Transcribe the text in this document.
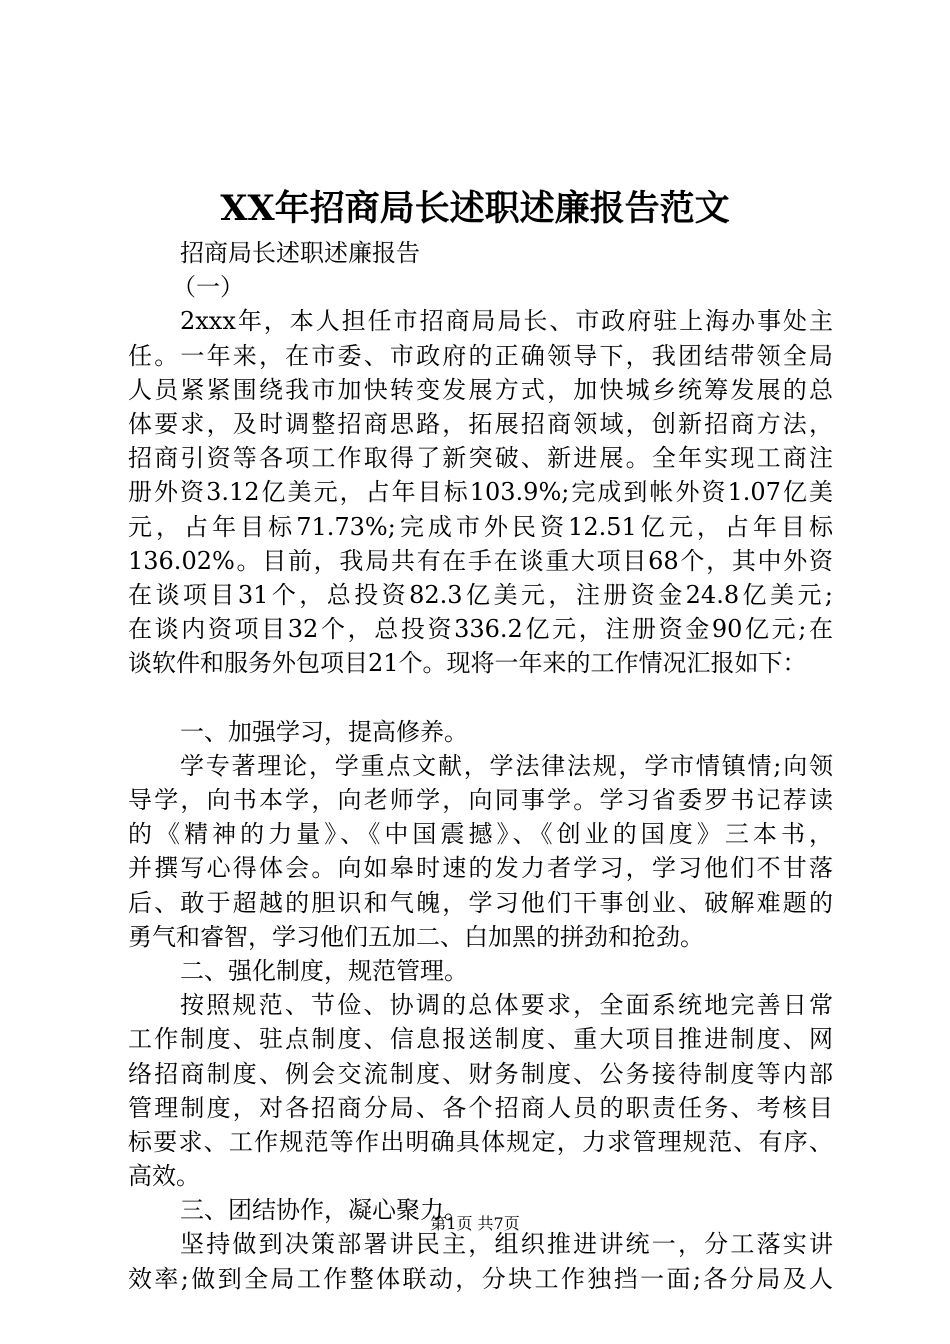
XX年招商局长述职述廉报告范文
招商局长述职述廉报告
（一）
2xxx年，本人担任市招商局局长、市政府驻上海办事处主
任。一年来，在市委、市政府的正确领导下，我团结带领全局
人员紧紧围绕我市加快转变发展方式，加快城乡统筹发展的总
体要求，及时调整招商思路，拓展招商领域，创新招商方法，
招商引资等各项工作取得了新突破、新进展。全年实现工商注
册外资3.12亿美元，占年目标103.9%;完成到帐外资1.07亿美
元，占年目标71.73%;完成市外民资12.51亿元，占年目标
136.02%。目前，我局共有在手在谈重大项目68个，其中外资
在谈项目31个，总投资82.3亿美元，注册资金24.8亿美元;
在谈内资项目32个，总投资336.2亿元，注册资金90亿元;在
谈软件和服务外包项目21个。现将一年来的工作情况汇报如下：
一、加强学习，提高修养。
学专著理论，学重点文献，学法律法规，学市情镇情;向领
导学，向书本学，向老师学，向同事学。学习省委罗书记荐读
的《精神的力量》、《中国震撼》、《创业的国度》三本书，
并撰写心得体会。向如皋时速的发力者学习，学习他们不甘落
后、敢于超越的胆识和气魄，学习他们干事创业、破解难题的
勇气和睿智，学习他们五加二、白加黑的拼劲和抢劲。
二、强化制度，规范管理。
按照规范、节俭、协调的总体要求，全面系统地完善日常
工作制度、驻点制度、信息报送制度、重大项目推进制度、网
络招商制度、例会交流制度、财务制度、公务接待制度等内部
管理制度，对各招商分局、各个招商人员的职责任务、考核目
标要求、工作规范等作出明确具体规定，力求管理规范、有序、
高效。
三、团结协作，凝心聚力。
坚持做到决策部署讲民主，组织推进讲统一，分工落实讲
效率;做到全局工作整体联动，分块工作独挡一面;各分局及人
第1页 共7页
